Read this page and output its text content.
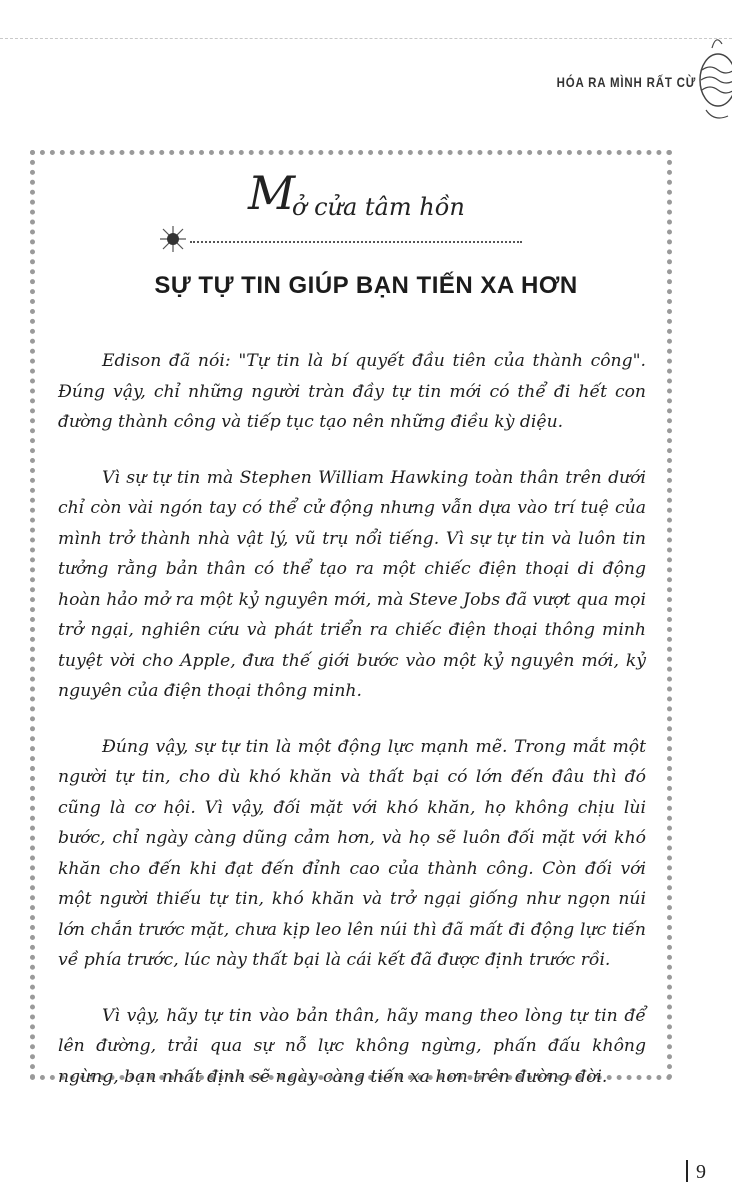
HÓA RA MÌNH RẤT CỪ
M
ở cửa tâm hồn
SỰ TỰ TIN GIÚP BẠN TIẾN XA HƠN

Edison đã nói: "Tự tin là bí quyết đầu tiên của thành công". Đúng vậy, chỉ những người tràn đầy tự tin mới có thể đi hết con đường thành công và tiếp tục tạo nên những điều kỳ diệu.

Vì sự tự tin mà Stephen William Hawking toàn thân trên dưới chỉ còn vài ngón tay có thể cử động nhưng vẫn dựa vào trí tuệ của mình trở thành nhà vật lý, vũ trụ nổi tiếng. Vì sự tự tin và luôn tin tưởng rằng bản thân có thể tạo ra một chiếc điện thoại di động hoàn hảo mở ra một kỷ nguyên mới, mà Steve Jobs đã vượt qua mọi trở ngại, nghiên cứu và phát triển ra chiếc điện thoại thông minh tuyệt vời cho Apple, đưa thế giới bước vào một kỷ nguyên mới, kỷ nguyên của điện thoại thông minh.

Đúng vậy, sự tự tin là một động lực mạnh mẽ. Trong mắt một người tự tin, cho dù khó khăn và thất bại có lớn đến đâu thì đó cũng là cơ hội. Vì vậy, đối mặt với khó khăn, họ không chịu lùi bước, chỉ ngày càng dũng cảm hơn, và họ sẽ luôn đối mặt với khó khăn cho đến khi đạt đến đỉnh cao của thành công. Còn đối với một người thiếu tự tin, khó khăn và trở ngại giống như ngọn núi lớn chắn trước mặt, chưa kịp leo lên núi thì đã mất đi động lực tiến về phía trước, lúc này thất bại là cái kết đã được định trước rồi.

Vì vậy, hãy tự tin vào bản thân, hãy mang theo lòng tự tin để lên đường, trải qua sự nỗ lực không ngừng, phấn đấu không ngừng, bạn nhất định sẽ ngày càng tiến xa hơn trên đường đời.

9
